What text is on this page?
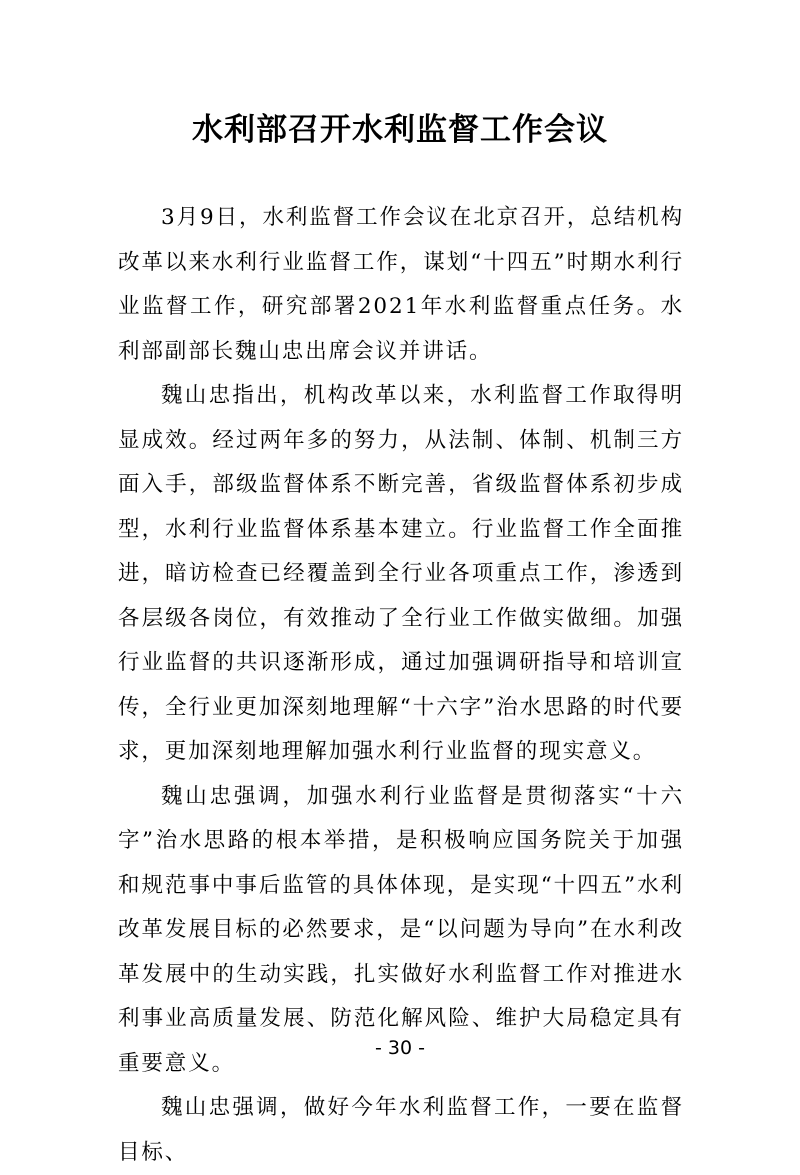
水利部召开水利监督工作会议

3月9日，水利监督工作会议在北京召开，总结机构改革以来水利行业监督工作，谋划“十四五”时期水利行业监督工作，研究部署2021年水利监督重点任务。水利部副部长魏山忠出席会议并讲话。

魏山忠指出，机构改革以来，水利监督工作取得明显成效。经过两年多的努力，从法制、体制、机制三方面入手，部级监督体系不断完善，省级监督体系初步成型，水利行业监督体系基本建立。行业监督工作全面推进，暗访检查已经覆盖到全行业各项重点工作，渗透到各层级各岗位，有效推动了全行业工作做实做细。加强行业监督的共识逐渐形成，通过加强调研指导和培训宣传，全行业更加深刻地理解“十六字”治水思路的时代要求，更加深刻地理解加强水利行业监督的现实意义。

魏山忠强调，加强水利行业监督是贯彻落实“十六字”治水思路的根本举措，是积极响应国务院关于加强和规范事中事后监管的具体体现，是实现“十四五”水利改革发展目标的必然要求，是“以问题为导向”在水利改革发展中的生动实践，扎实做好水利监督工作对推进水利事业高质量发展、防范化解风险、维护大局稳定具有重要意义。

魏山忠强调，做好今年水利监督工作，一要在监督目标、

- 30 -
